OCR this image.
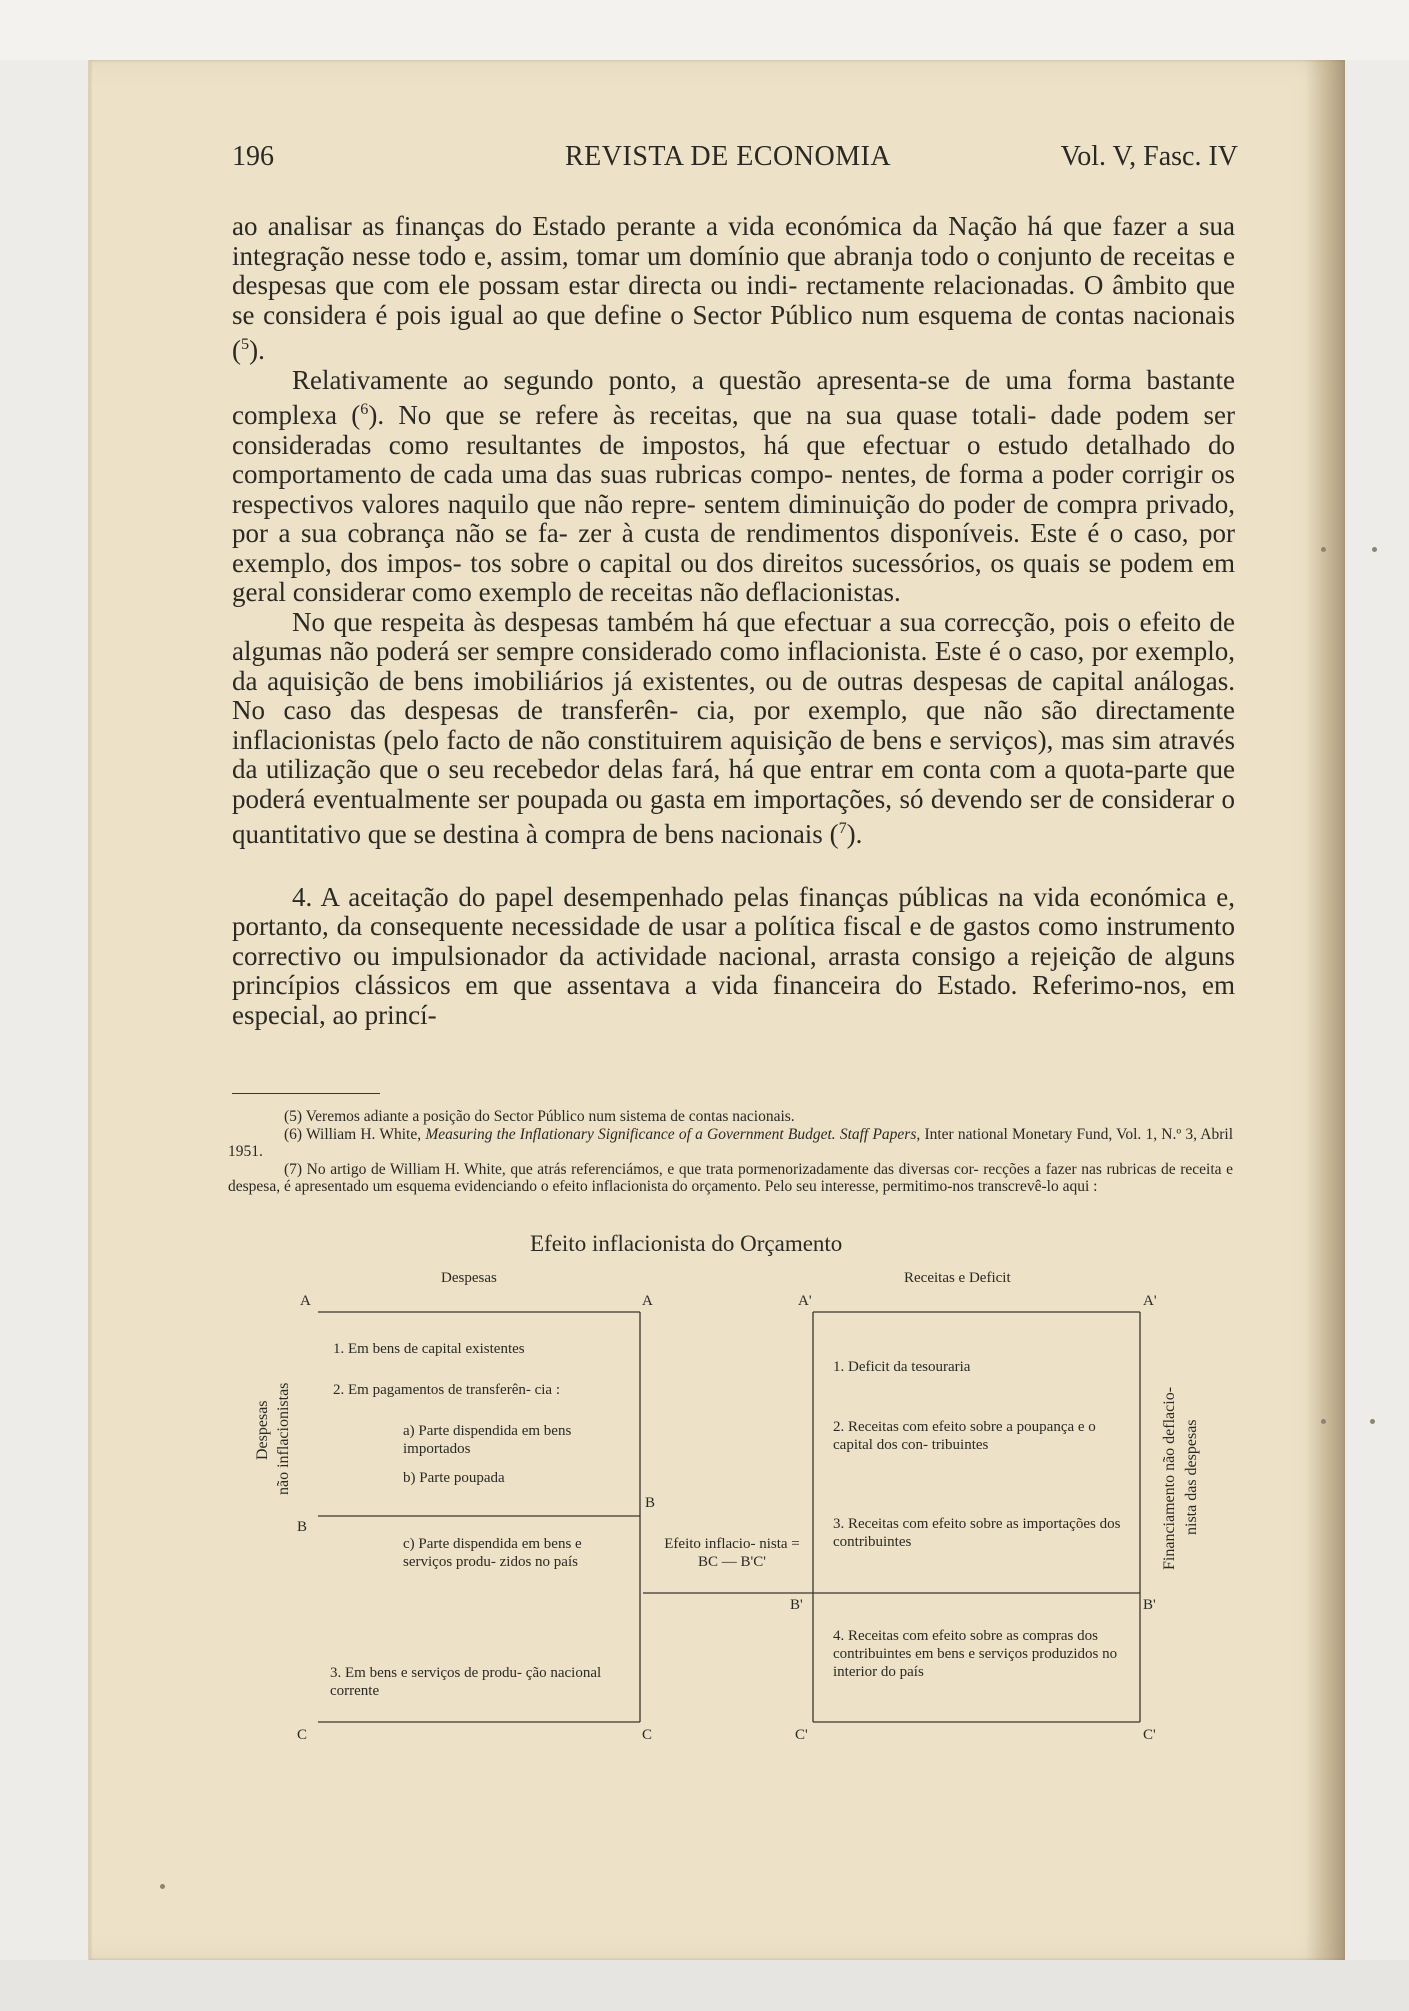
196	REVISTA DE ECONOMIA	Vol. V, Fasc. IV

ao analisar as finanças do Estado perante a vida económica da Nação há que fazer a sua integração nesse todo e, assim, tomar um domínio que abranja todo o conjunto de receitas e despesas que com ele possam estar directa ou indi- rectamente relacionadas. O âmbito que se considera é pois igual ao que define o Sector Público num esquema de contas nacionais ($^5$).

Relativamente ao segundo ponto, a questão apresenta-se de uma forma bastante complexa ($^6$). No que se refere às receitas, que na sua quase totali- dade podem ser consideradas como resultantes de impostos, há que efectuar o estudo detalhado do comportamento de cada uma das suas rubricas compo- nentes, de forma a poder corrigir os respectivos valores naquilo que não repre- sentem diminuição do poder de compra privado, por a sua cobrança não se fa- zer à custa de rendimentos disponíveis. Este é o caso, por exemplo, dos impos- tos sobre o capital ou dos direitos sucessórios, os quais se podem em geral considerar como exemplo de receitas não deflacionistas.

No que respeita às despesas também há que efectuar a sua correcção, pois o efeito de algumas não poderá ser sempre considerado como inflacionista. Este é o caso, por exemplo, da aquisição de bens imobiliários já existentes, ou de outras despesas de capital análogas. No caso das despesas de transferên- cia, por exemplo, que não são directamente inflacionistas (pelo facto de não constituirem aquisição de bens e serviços), mas sim através da utilização que o seu recebedor delas fará, há que entrar em conta com a quota-parte que poderá eventualmente ser poupada ou gasta em importações, só devendo ser de considerar o quantitativo que se destina à compra de bens nacionais ($^7$).

4. A aceitação do papel desempenhado pelas finanças públicas na vida económica e, portanto, da consequente necessidade de usar a política fiscal e de gastos como instrumento correctivo ou impulsionador da actividade nacional, arrasta consigo a rejeição de alguns princípios clássicos em que assentava a vida financeira do Estado. Referimo-nos, em especial, ao princí-

(5) Veremos adiante a posição do Sector Público num sistema de contas nacionais.

(6) William H. White, Measuring the Inflationary Significance of a Government Budget. Staff Papers, Inter national Monetary Fund, Vol. 1, N.º 3, Abril 1951.

(7) No artigo de William H. White, que atrás referenciámos, e que trata pormenorizadamente das diversas cor- recções a fazer nas rubricas de receita e despesa, é apresentado um esquema evidenciando o efeito inflacionista do orçamento. Pelo seu interesse, permitimo-nos transcrevê-lo aqui :

Efeito inflacionista do Orçamento
Despesas	Receitas e Deficit
A	A	A'	A'
B
B
B'	B'
C	C	C'	C'
1. Em bens de capital existentes
2. Em pagamentos de transferên- cia :
a) Parte dispendida em bens importados
b) Parte poupada
c) Parte dispendida em bens e serviços produ- zidos no país
3. Em bens e serviços de produ- ção nacional corrente
Efeito inflacio- nista = BC — B'C'
1. Deficit da tesouraria
2. Receitas com efeito sobre a poupança e o capital dos con- tribuintes
3. Receitas com efeito sobre as importações dos contribuintes
4. Receitas com efeito sobre as compras dos contribuintes em bens e serviços produzidos no interior do país
Despesas não inflacionistas	Financiamento não deflacio- nista das despesas
